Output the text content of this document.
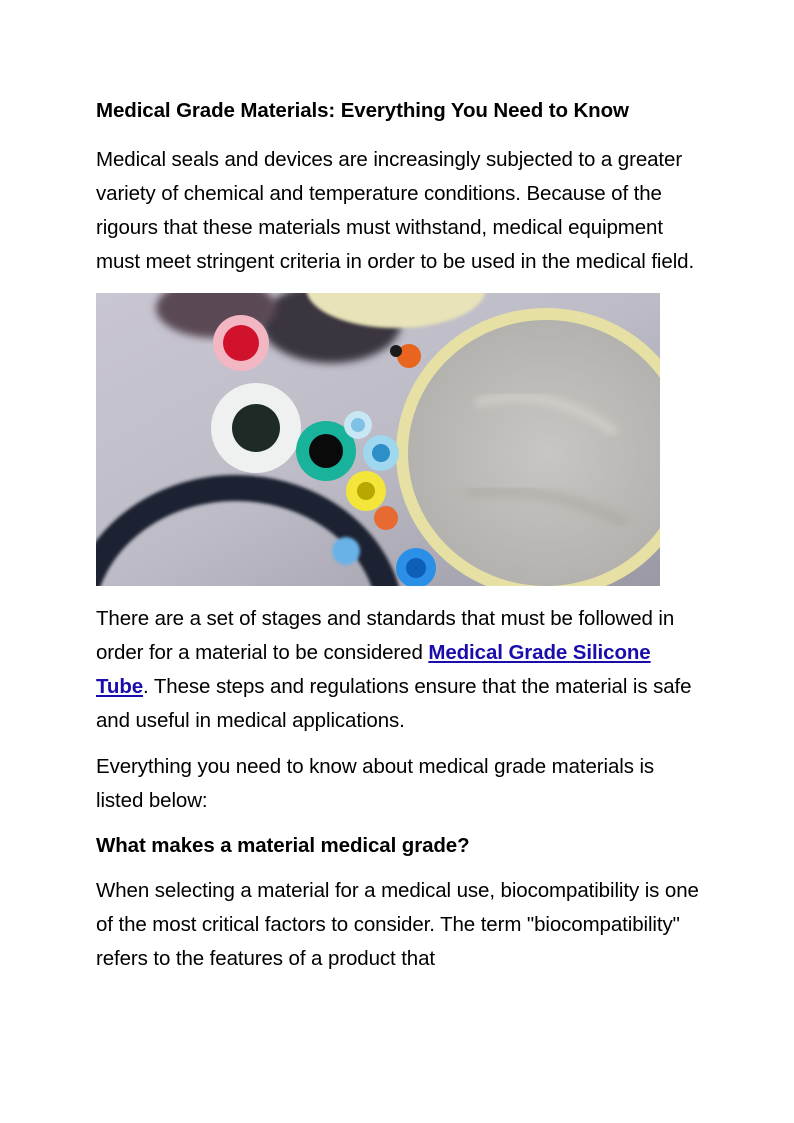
Medical Grade Materials: Everything You Need to Know

Medical seals and devices are increasingly subjected to a greater variety of chemical and temperature conditions. Because of the rigours that these materials must withstand, medical equipment must meet stringent criteria in order to be used in the medical field.

There are a set of stages and standards that must be followed in order for a material to be considered Medical Grade Silicone Tube. These steps and regulations ensure that the material is safe and useful in medical applications.

Everything you need to know about medical grade materials is listed below:

What makes a material medical grade?

When selecting a material for a medical use, biocompatibility is one of the most critical factors to consider. The term "biocompatibility" refers to the features of a product that
